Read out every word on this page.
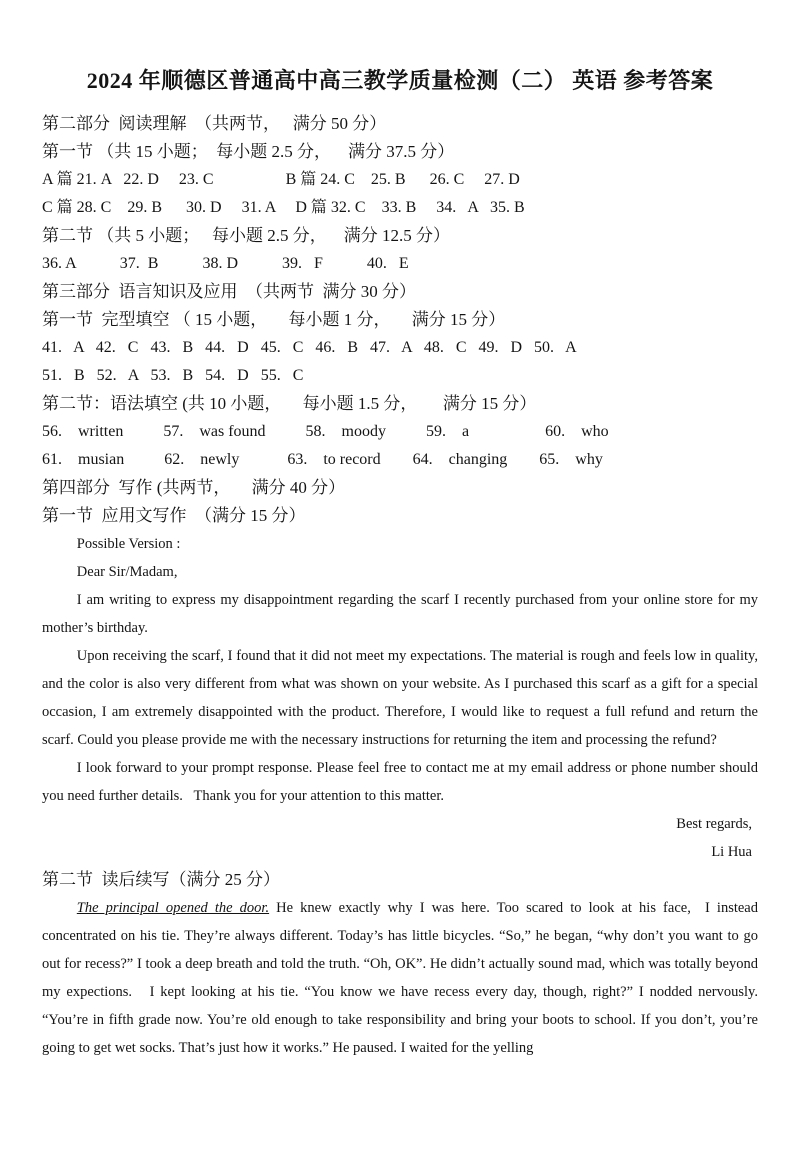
2024 年顺德区普通高中高三教学质量检测（二） 英语 参考答案
第二部分  阅读理解  （共两节，   满分 50 分）
第一节 （共 15 小题；  每小题 2.5 分，    满分 37.5 分）
A 篇 21. A   22. D     23. C                  B 篇 24. C    25. B      26. C     27. D
C 篇 28. C    29. B      30. D     31. A     D 篇 32. C    33. B     34.   A   35. B
第二节 （共 5 小题；   每小题 2.5 分，    满分 12.5 分）
36. A           37.  B           38. D           39.   F           40.   E
第三部分  语言知识及应用  （共两节  满分 30 分）
第一节  完型填空 （ 15 小题，     每小题 1 分，     满分 15 分）
41.   A   42.   C   43.   B   44.   D   45.   C   46.   B   47.   A   48.   C   49.   D   50.   A
51.   B   52.   A   53.   B   54.   D   55.   C
第二节：语法填空 (共 10 小题，     每小题 1.5 分，      满分 15 分）
56.    written          57.    was found          58.    moody          59.    a                   60.    who
61.    musian          62.    newly            63.    to record        64.    changing        65.    why
第四部分  写作 (共两节，     满分 40 分）
第一节  应用文写作  （满分 15 分）

Possible Version :

Dear Sir/Madam,

I am writing to express my disappointment regarding the scarf I recently purchased from your online store for my mother’s birthday.

Upon receiving the scarf, I found that it did not meet my expectations. The material is rough and feels low in quality, and the color is also very different from what was shown on your website. As I purchased this scarf as a gift for a special occasion, I am extremely disappointed with the product. Therefore, I would like to request a full refund and return the scarf. Could you please provide me with the necessary instructions for returning the item and processing the refund?

I look forward to your prompt response. Please feel free to contact me at my email address or phone number should you need further details.   Thank you for your attention to this matter.

Best regards,

Li Hua

第二节  读后续写（满分 25 分）

The principal opened the door. He knew exactly why I was here. Too scared to look at his face,  I instead concentrated on his tie. They’re always different. Today’s has little bicycles. “So,” he began, “why don’t you want to go out for recess?” I took a deep breath and told the truth. “Oh, OK”. He didn’t actually sound mad, which was totally beyond my expections.   I kept looking at his tie. “You know we have recess every day, though, right?” I nodded nervously. “You’re in fifth grade now. You’re old enough to take responsibility and bring your boots to school. If you don’t, you’re going to get wet socks. That’s just how it works.” He paused. I waited for the yelling
